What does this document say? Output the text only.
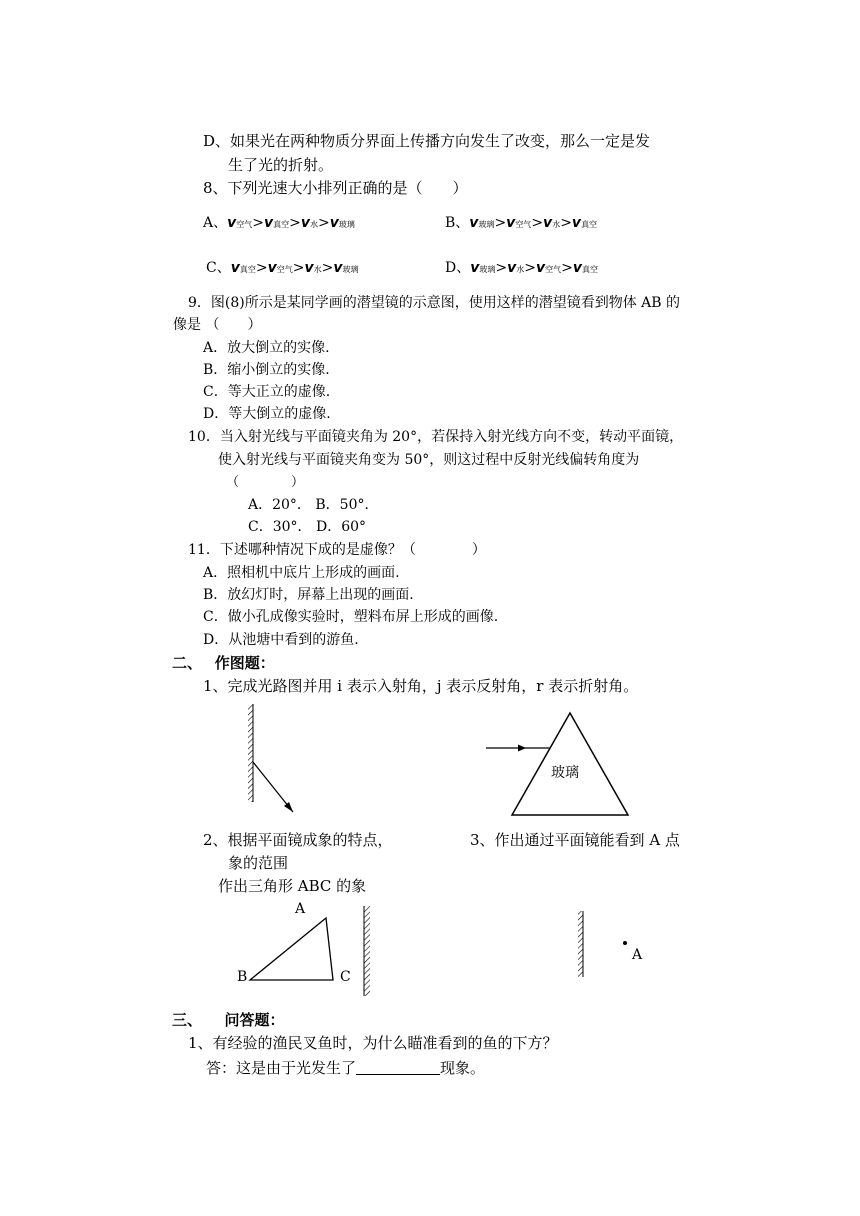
D、如果光在两种物质分界面上传播方向发生了改变，那么一定是发
生了光的折射。
8、下列光速大小排列正确的是（　　）
A、v空气>v真空>v水>v玻璃	B、v玻璃>v空气>v水>v真空
C、v真空>v空气>v水>v玻璃	D、v玻璃>v水>v空气>v真空
9．图(8)所示是某同学画的潜望镜的示意图，使用这样的潜望镜看到物体 AB 的
像是 （　　）
A．放大倒立的实像.
B．缩小倒立的实像.
C．等大正立的虚像.
D．等大倒立的虚像.
10．当入射光线与平面镜夹角为 20°，若保持入射光线方向不变，转动平面镜，
使入射光线与平面镜夹角变为 50°，则这过程中反射光线偏转角度为
（　　　　）
A．20°． B．50°．
C．30°． D．60°
11．下述哪种情况下成的是虚像？（　　　　）
A．照相机中底片上形成的画面.
B．放幻灯时，屏幕上出现的画面.
C．做小孔成像实验时，塑料布屏上形成的画像.
D．从池塘中看到的游鱼.
二、　 作图题：
1、完成光路图并用 i 表示入射角，j 表示反射角，r 表示折射角。
玻璃
2、根据平面镜成象的特点，	3、作出通过平面镜能看到 A 点
象的范围
作出三角形 ABC 的象
A
B	C
A
三、　　问答题：
1、有经验的渔民叉鱼时，为什么瞄准看到的鱼的下方？
答：这是由于光发生了	现象。
